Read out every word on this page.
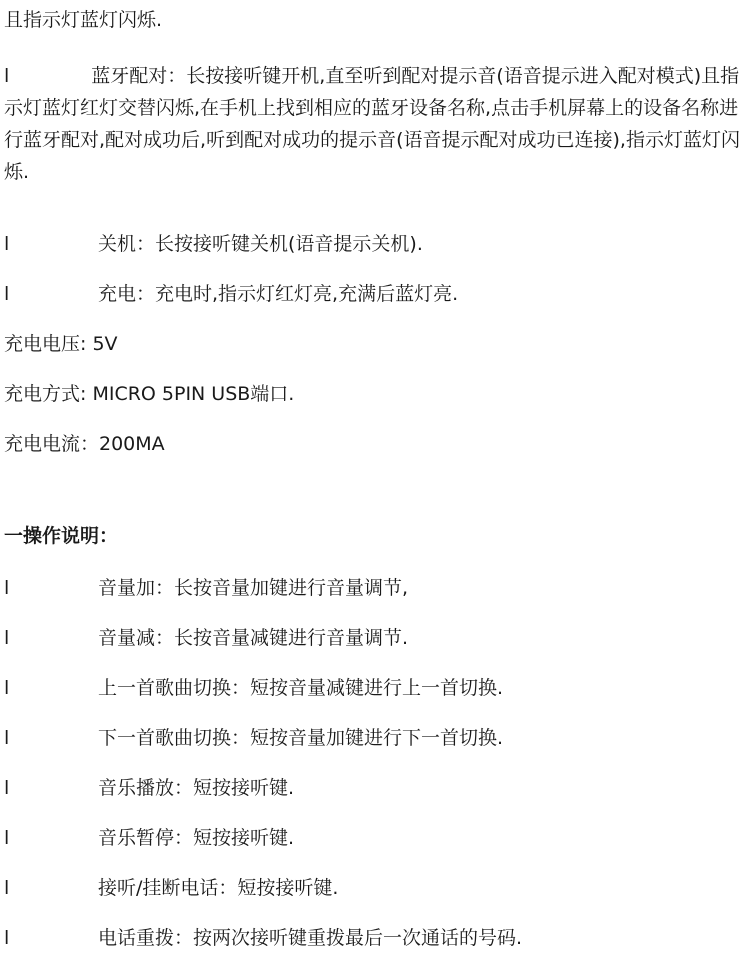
且指示灯蓝灯闪烁.
l	蓝牙配对：长按接听键开机,直至听到配对提示音(语音提示进入配对模式)且指示灯蓝灯红灯交替闪烁,在手机上找到相应的蓝牙设备名称,点击手机屏幕上的设备名称进行蓝牙配对,配对成功后,听到配对成功的提示音(语音提示配对成功已连接),指示灯蓝灯闪烁.
l	关机：长按接听键关机(语音提示关机).
l	充电：充电时,指示灯红灯亮,充满后蓝灯亮.
充电电压: 5V
充电方式: MICRO 5PIN USB端口.
充电电流：200MA
一操作说明：
l	音量加：长按音量加键进行音量调节,
l	音量减：长按音量减键进行音量调节.
l	上一首歌曲切换：短按音量减键进行上一首切换.
l	下一首歌曲切换：短按音量加键进行下一首切换.
l	音乐播放：短按接听键.
l	音乐暂停：短按接听键.
l	接听/挂断电话：短按接听键.
l	电话重拨：按两次接听键重拨最后一次通话的号码.
